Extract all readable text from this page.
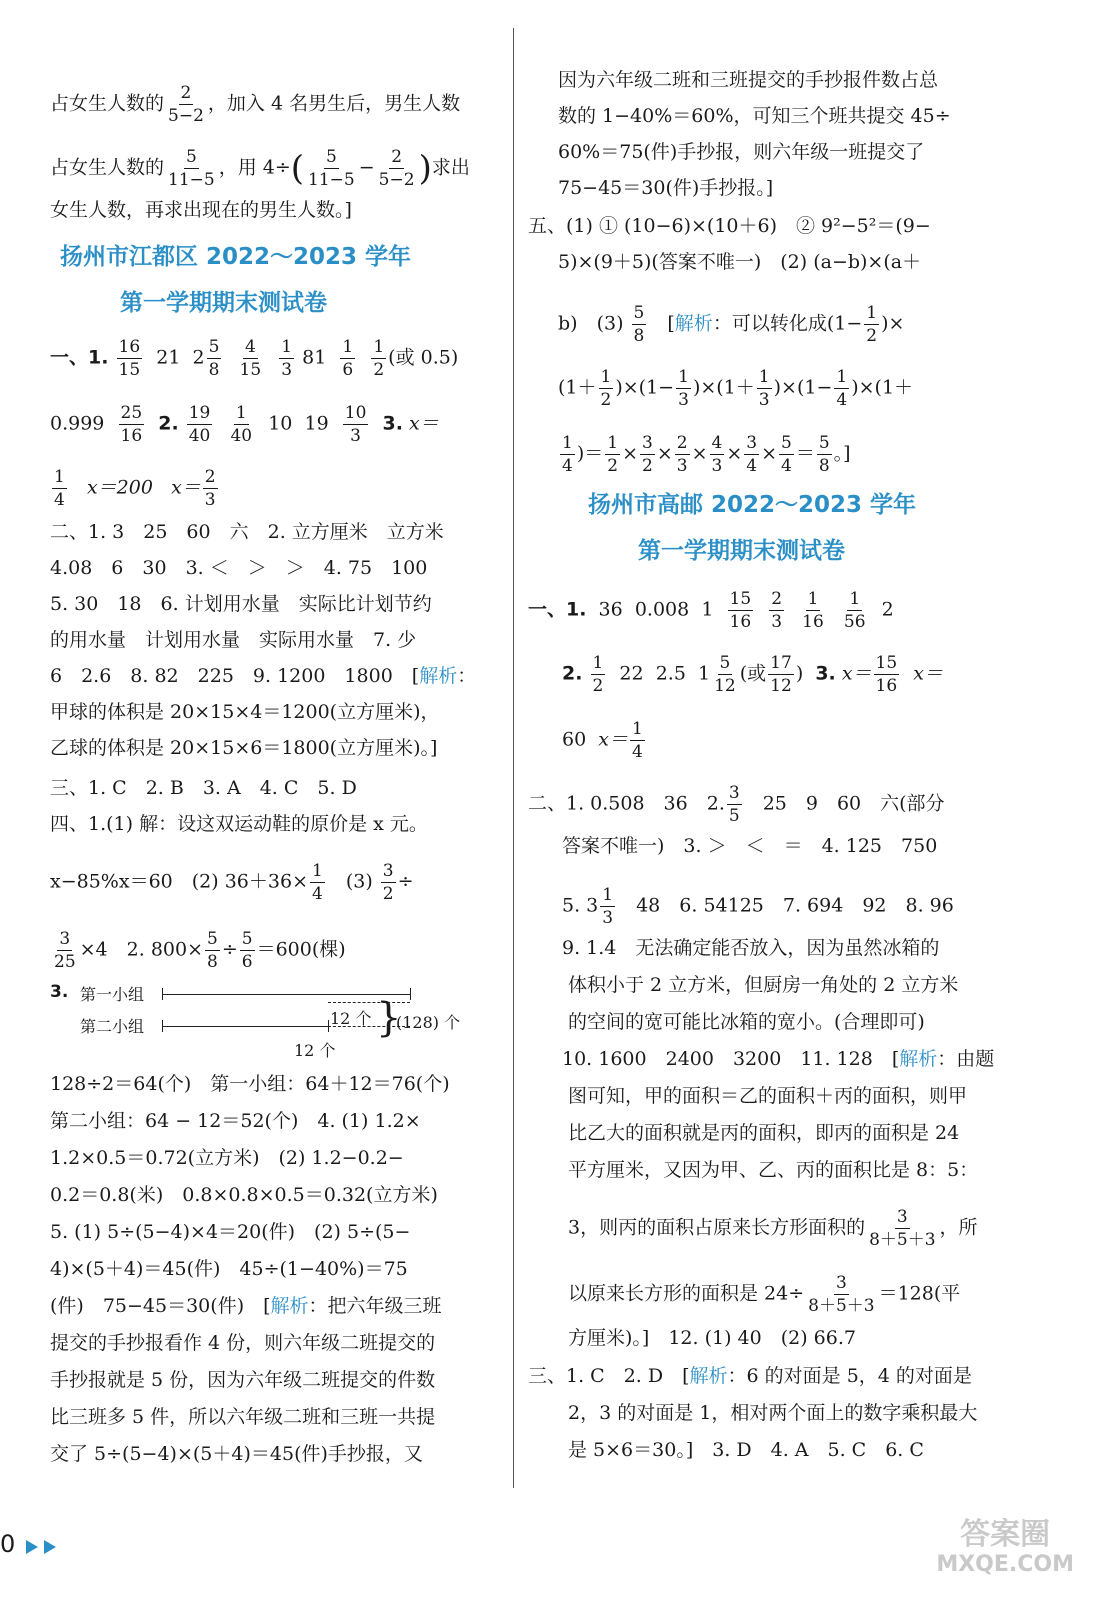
占女生人数的 $\frac{2}{5-2}$ ，加入 4 名男生后，男生人数
占女生人数的 $\frac{5}{11-5}$ ，用 $4\div( \frac{5}{11-5} - \frac{2}{5-2}$ )求出
女生人数，再求出现在的男生人数。]
扬州市江都区 2022～2023 学年
第一学期期末测试卷
一、1. $\frac{16}{15} 21$ $2 \frac{5}{8}$
$\frac{4}{15}$
$\frac{1}{3} 81 \frac{1}{6}$
$\frac{1}{2}$ (或 0.5)
$0.999 \frac{25}{16} 2$. $\frac{19}{40}$
$\frac{1}{40} 10$ $19 \frac{10}{3} 3$. x＝
$\frac{1}{4} x=200$ $x= \frac{2}{3}$
二、1. 3　25　60　六　2. 立方厘米　立方米
4.08　6　30　3. ＜　＞　＞　4. 75　100
5. 30　18　6. 计划用水量　实际比计划节约
的用水量　计划用水量　实际用水量　7. 少
6　2.6　8. 82　225　9. 1200　1800　[解析：
甲球的体积是 20×15×4＝1200(立方厘米)，
乙球的体积是 20×15×6＝1800(立方厘米)。]
三、1. C　2. B　3. A　4. C　5. D
四、1.(1) 解：设这双运动鞋的原价是 x 元。
x−85%x＝60　(2) $36+36\times \frac{1}{4}$ 　$(3) \frac{3}{2}$ ÷
$\frac{3}{25} \times 4$　2. $800\times \frac{5}{8} \div \frac{5}{6} =600$(棵)
3. 第一小组
12 个
第二小组
12 个
}
(128) 个
128÷2＝64(个)　第一小组：64＋12＝76(个)
第二小组：64 − 12＝52(个)　4. (1) 1.2×
1.2×0.5＝0.72(立方米)　(2) 1.2−0.2−
0.2＝0.8(米)　0.8×0.8×0.5＝0.32(立方米)
5. (1) 5÷(5−4)×4＝20(件)　(2) 5÷(5−
4)×(5＋4)＝45(件)　45÷(1−40%)＝75
(件)　75−45＝30(件)　[解析：把六年级三班
提交的手抄报看作 4 份，则六年级二班提交的
手抄报就是 5 份，因为六年级二班提交的件数
比三班多 5 件，所以六年级二班和三班一共提
交了 5÷(5−4)×(5＋4)＝45(件)手抄报，又
因为六年级二班和三班提交的手抄报件数占总
数的 1−40%＝60%，可知三个班共提交 45÷
60%＝75(件)手抄报，则六年级一班提交了
75−45＝30(件)手抄报。]
五、(1) ① (10−6)×(10＋6)　② 9²−5²＝(9−
5)×(9＋5)(答案不唯一)　(2) (a−b)×(a＋
b)　$(3) \frac{5}{8}$ 　[解析：可以转化成($1- \frac{1}{2}$ )×
$(1+ \frac{1}{2} )\times(1- \frac{1}{3} )\times(1+ \frac{1}{3} )\times(1- \frac{1}{4} )\times(1+$
$\frac{1}{4}$ )＝ $\frac{1}{2} \times \frac{3}{2} \times \frac{2}{3} \times \frac{4}{3} \times \frac{3}{4} \times \frac{5}{4} = \frac{5}{8}$ 。]
扬州市高邮 2022～2023 学年
第一学期期末测试卷
一、1. 36 0.008 $1 \frac{15}{16}$
$\frac{2}{3}$
$\frac{1}{16}$
$\frac{1}{56} 2$
2. $\frac{1}{2} 22$ 2.5 $1 \frac{5}{12}$ (或 $\frac{17}{12}$ ) 3. $x= \frac{15}{16} x=$
60 $x= \frac{1}{4}$
二、1. 0.508　36　2. $\frac{3}{5}$ 　25　9　60　六(部分
答案不唯一)　3. ＞　＜　＝　4. 125　750
5. $3 \frac{1}{3}$ 　48　6. 54125　7. 694　92　8. 96
9. 1.4　无法确定能否放入，因为虽然冰箱的
体积小于 2 立方米，但厨房一角处的 2 立方米
的空间的宽可能比冰箱的宽小。(合理即可)
10. 1600　2400　3200　11. 128　[解析：由题
图可知，甲的面积＝乙的面积＋丙的面积，则甲
比乙大的面积就是丙的面积，即丙的面积是 24
平方厘米，又因为甲、乙、丙的面积比是 8：5：
3，则丙的面积占原来长方形面积的 $\frac{3}{8+5+3}$ ，所
以原来长方形的面积是 $24\div \frac{3}{8+5+3} =128$(平
方厘米)。]　12. (1) 40　(2) 66.7
三、1. C　2. D　[解析：6 的对面是 5，4 的对面是
2，3 的对面是 1，相对两个面上的数字乘积最大
是 5×6＝30。]　3. D　4. A　5. C　6. C
0	答案圈
MXQE.COM
